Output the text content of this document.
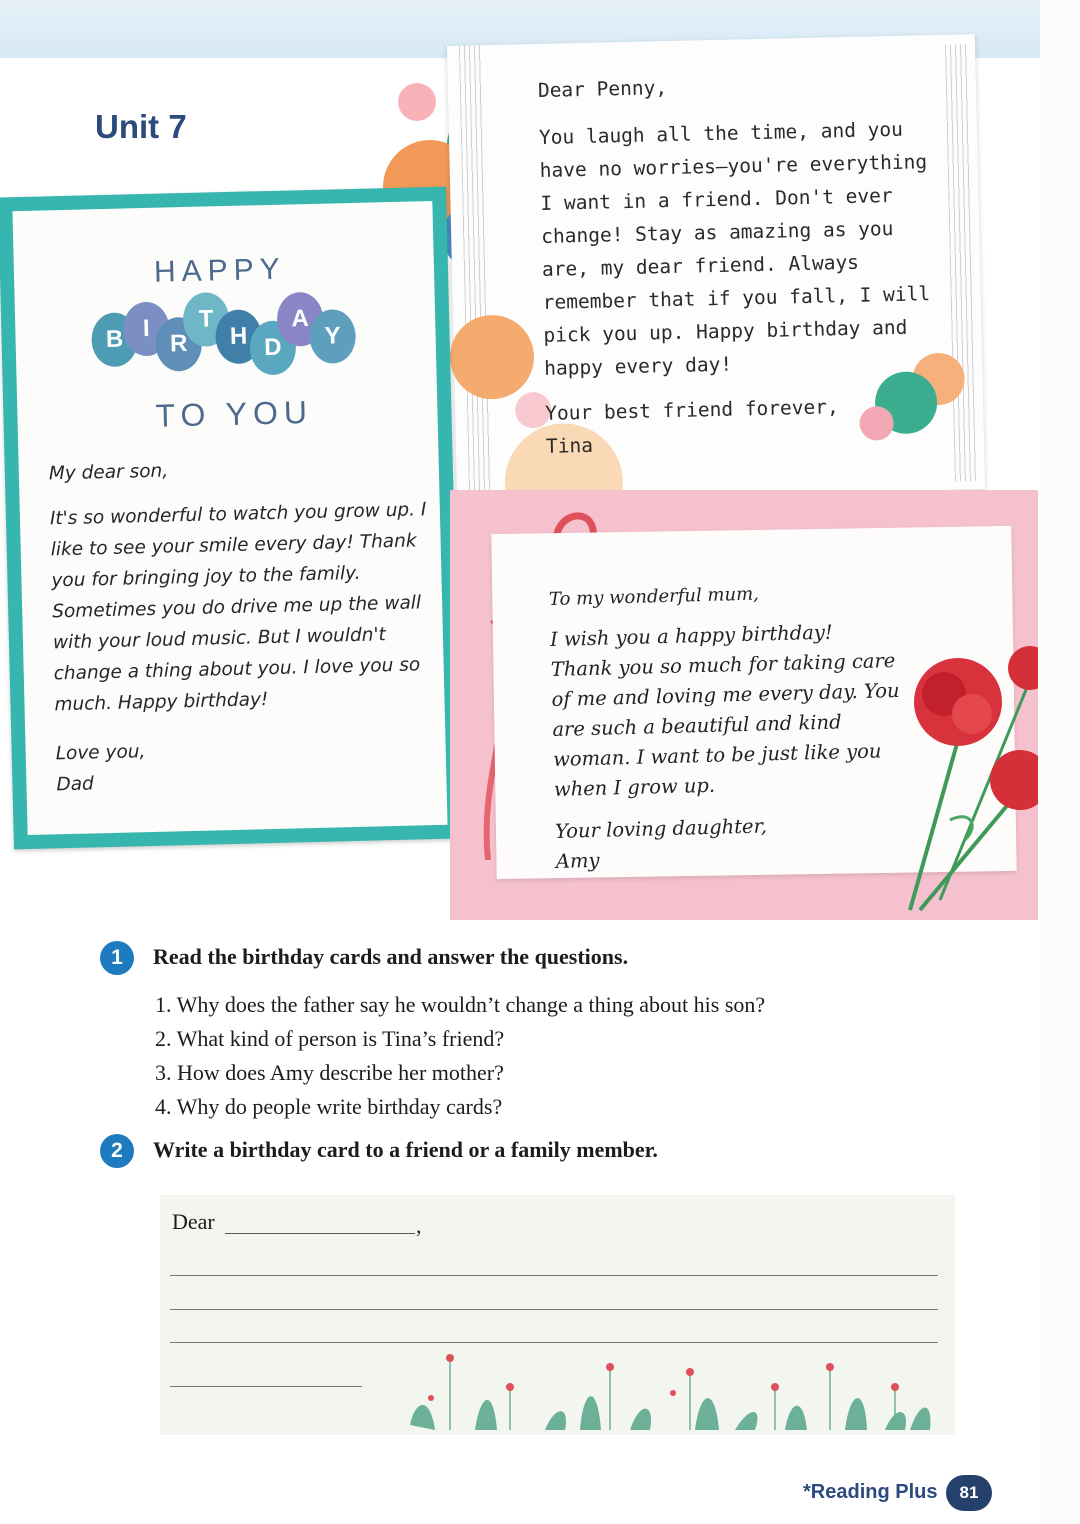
Unit 7

Dear Penny,

You laugh all the time, and you have no worries—you're everything I want in a friend. Don't ever change! Stay as amazing as you are, my dear friend. Always remember that if you fall, I will pick you up. Happy birthday and happy every day!

Your best friend forever,

Tina

HAPPY
B I
R
T
H D
A
Y
TO YOU

My dear son,

It's so wonderful to watch you grow up. I like to see your smile every day! Thank you for bringing joy to the family. Sometimes you do drive me up the wall with your loud music. But I wouldn't change a thing about you. I love you so much. Happy birthday!

Love you,

Dad

To my wonderful mum,

I wish you a happy birthday! Thank you so much for taking care of me and loving me every day. You are such a beautiful and kind woman. I want to be just like you when I grow up.

Your loving daughter,

Amy

1	Read the birthday cards and answer the questions.
1. Why does the father say he wouldn’t change a thing about his son?
2. What kind of person is Tina’s friend?
3. How does Amy describe her mother?
4. Why do people write birthday cards?
2	Write a birthday card to a friend or a family member.
Dear	,
*Reading Plus	81
